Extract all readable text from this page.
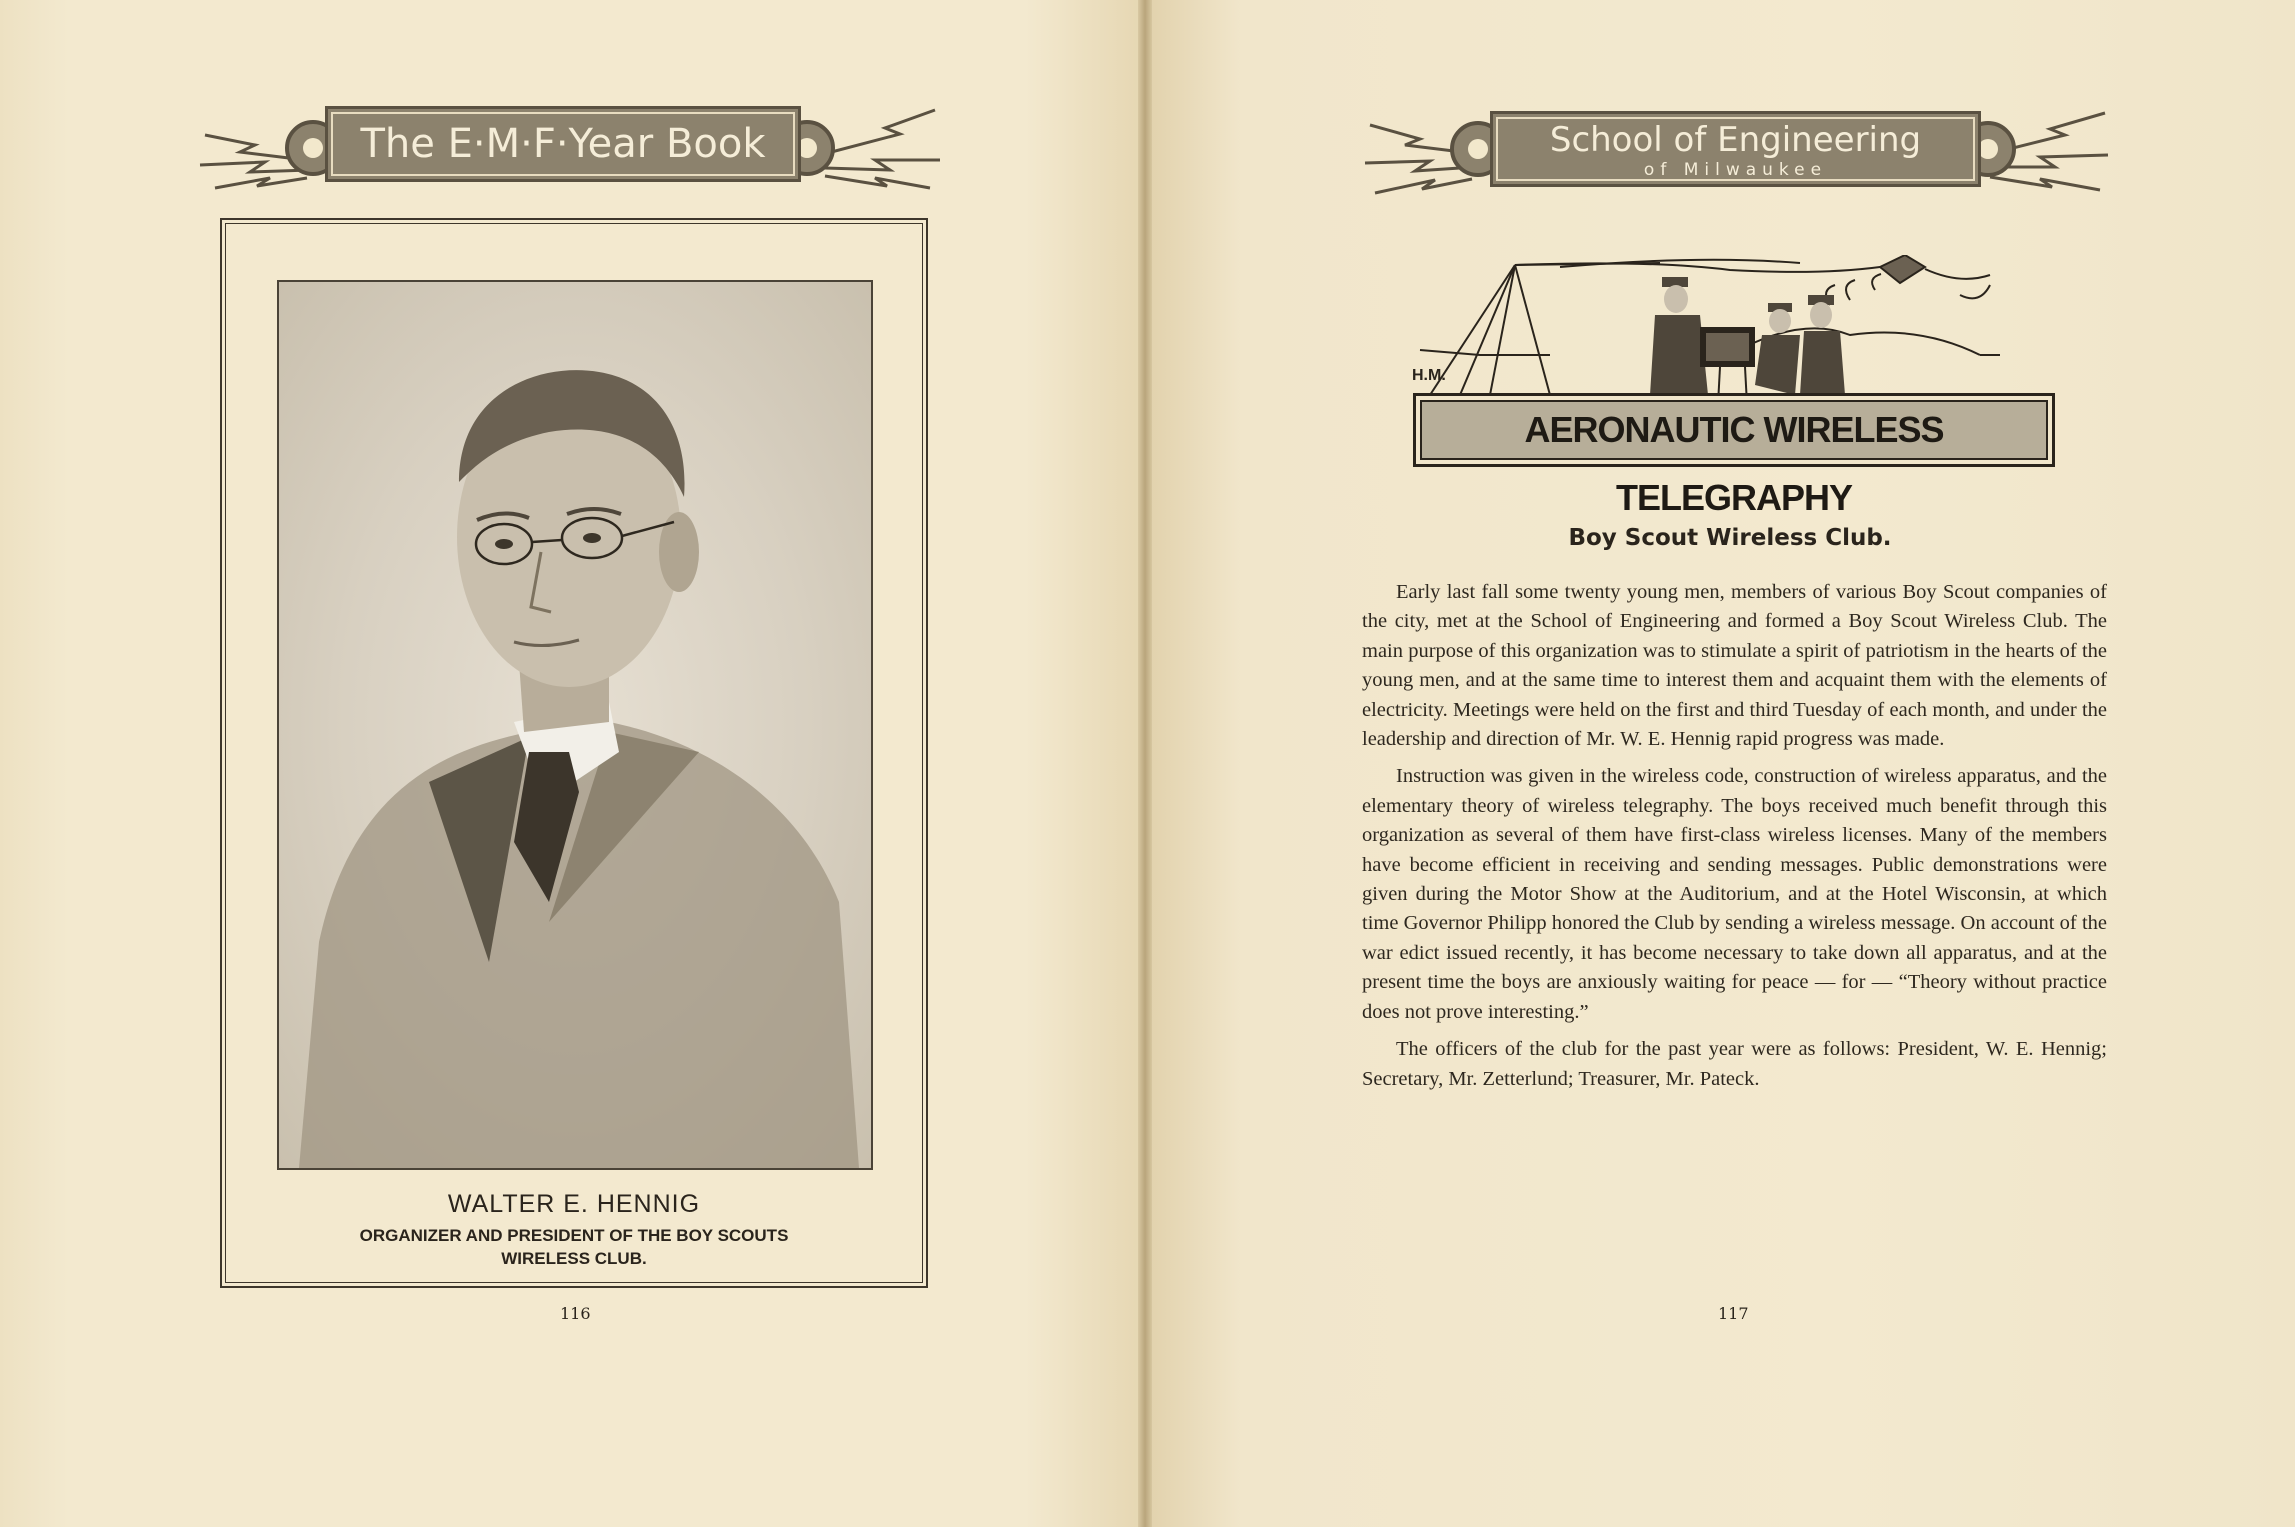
The E·M·F·Year Book
WALTER E. HENNIG
ORGANIZER AND PRESIDENT OF THE BOY SCOUTS WIRELESS CLUB.
116
School of Engineering
of Milwaukee
H.M.
AERONAUTIC WIRELESS TELEGRAPHY
Boy Scout Wireless Club.

Early last fall some twenty young men, members of various Boy Scout companies of the city, met at the School of Engineering and formed a Boy Scout Wireless Club. The main purpose of this organization was to stimulate a spirit of patriotism in the hearts of the young men, and at the same time to interest them and acquaint them with the elements of electricity. Meetings were held on the first and third Tuesday of each month, and under the leadership and direction of Mr. W. E. Hennig rapid progress was made.

Instruction was given in the wireless code, construction of wireless apparatus, and the elementary theory of wireless telegraphy. The boys received much benefit through this organization as several of them have first-class wireless licenses. Many of the members have become efficient in receiving and sending messages. Public demonstrations were given during the Motor Show at the Auditorium, and at the Hotel Wisconsin, at which time Governor Philipp honored the Club by sending a wireless message. On account of the war edict issued recently, it has become necessary to take down all apparatus, and at the present time the boys are anxiously waiting for peace — for — “Theory without practice does not prove interesting.”

The officers of the club for the past year were as follows: President, W. E. Hennig; Secretary, Mr. Zetterlund; Treasurer, Mr. Pateck.

117
